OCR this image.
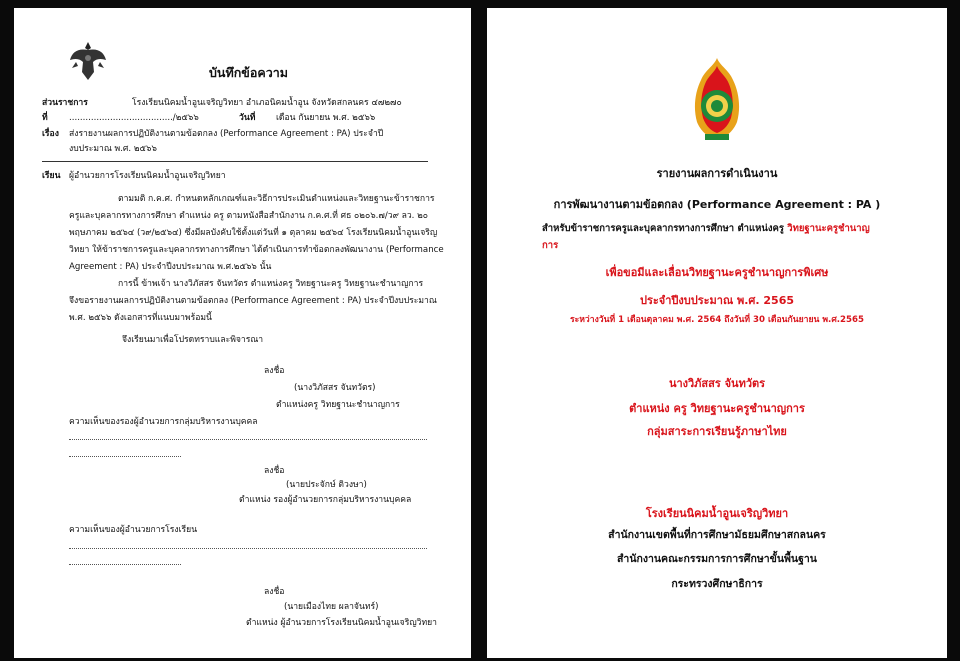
บันทึกข้อความ
ส่วนราชการ	โรงเรียนนิคมน้ำอูนเจริญวิทยา อำเภอนิคมน้ำอูน จังหวัดสกลนคร ๔๗๒๗๐
ที่ ....................................../๒๕๖๖	วันที่ เดือน กันยายน พ.ศ. ๒๕๖๖
เรื่อง ส่งรายงานผลการปฏิบัติงานตามข้อตกลง (Performance Agreement : PA) ประจำปี
งบประมาณ พ.ศ. ๒๕๖๖
เรียน ผู้อำนวยการโรงเรียนนิคมน้ำอูนเจริญวิทยา
ตามมติ ก.ค.ศ. กำหนดหลักเกณฑ์และวิธีการประเมินตำแหน่งและวิทยฐานะข้าราชการ
ครูและบุคลากรทางการศึกษา ตำแหน่ง ครู ตามหนังสือสำนักงาน ก.ค.ศ.ที่ ศธ ๐๒๐๖.๗/ว๙ ลว. ๒๐
พฤษภาคม ๒๕๖๔ (ว๙/๒๕๖๔) ซึ่งมีผลบังคับใช้ตั้งแต่วันที่ ๑ ตุลาคม ๒๕๖๔ โรงเรียนนิคมน้ำอูนเจริญ
วิทยา ให้ข้าราชการครูและบุคลากรทางการศึกษา ได้ดำเนินการทำข้อตกลงพัฒนางาน (Performance
Agreement : PA) ประจำปีงบประมาณ พ.ศ.๒๕๖๖ นั้น
การนี้ ข้าพเจ้า นางวิภัสสร จันทวัตร ตำแหน่งครู วิทยฐานะครู วิทยฐานะชำนาญการ
จึงขอรายงานผลการปฏิบัติงานตามข้อตกลง (Performance Agreement : PA) ประจำปีงบประมาณ
พ.ศ. ๒๕๖๖ ดังเอกสารที่แนบมาพร้อมนี้
จึงเรียนมาเพื่อโปรดทราบและพิจารณา
ลงชื่อ
(นางวิภัสสร จันทวัตร)
ตำแหน่งครู วิทยฐานะชำนาญการ
ความเห็นของรองผู้อำนวยการกลุ่มบริหารงานบุคคล
ลงชื่อ
(นายประจักษ์ ติวงษา)
ตำแหน่ง รองผู้อำนวยการกลุ่มบริหารงานบุคคล
ความเห็นของผู้อำนวยการโรงเรียน
ลงชื่อ
(นายเมืองไทย ผลาจันทร์)
ตำแหน่ง ผู้อำนวยการโรงเรียนนิคมน้ำอูนเจริญวิทยา
รายงานผลการดำเนินงาน
การพัฒนางานตามข้อตกลง (Performance Agreement : PA )
สำหรับข้าราชการครูและบุคลากรทางการศึกษา ตำแหน่งครู วิทยฐานะครูชำนาญ
การ
เพื่อขอมีและเลื่อนวิทยฐานะครูชำนาญการพิเศษ
ประจำปีงบประมาณ พ.ศ. 2565
ระหว่างวันที่ 1 เดือนตุลาคม พ.ศ. 2564 ถึงวันที่ 30 เดือนกันยายน พ.ศ.2565
นางวิภัสสร จันทวัตร
ตำแหน่ง ครู วิทยฐานะครูชำนาญการ
กลุ่มสาระการเรียนรู้ภาษาไทย
โรงเรียนนิคมน้ำอูนเจริญวิทยา
สำนักงานเขตพื้นที่การศึกษามัธยมศึกษาสกลนคร
สำนักงานคณะกรรมการการศึกษาขั้นพื้นฐาน
กระทรวงศึกษาธิการ
